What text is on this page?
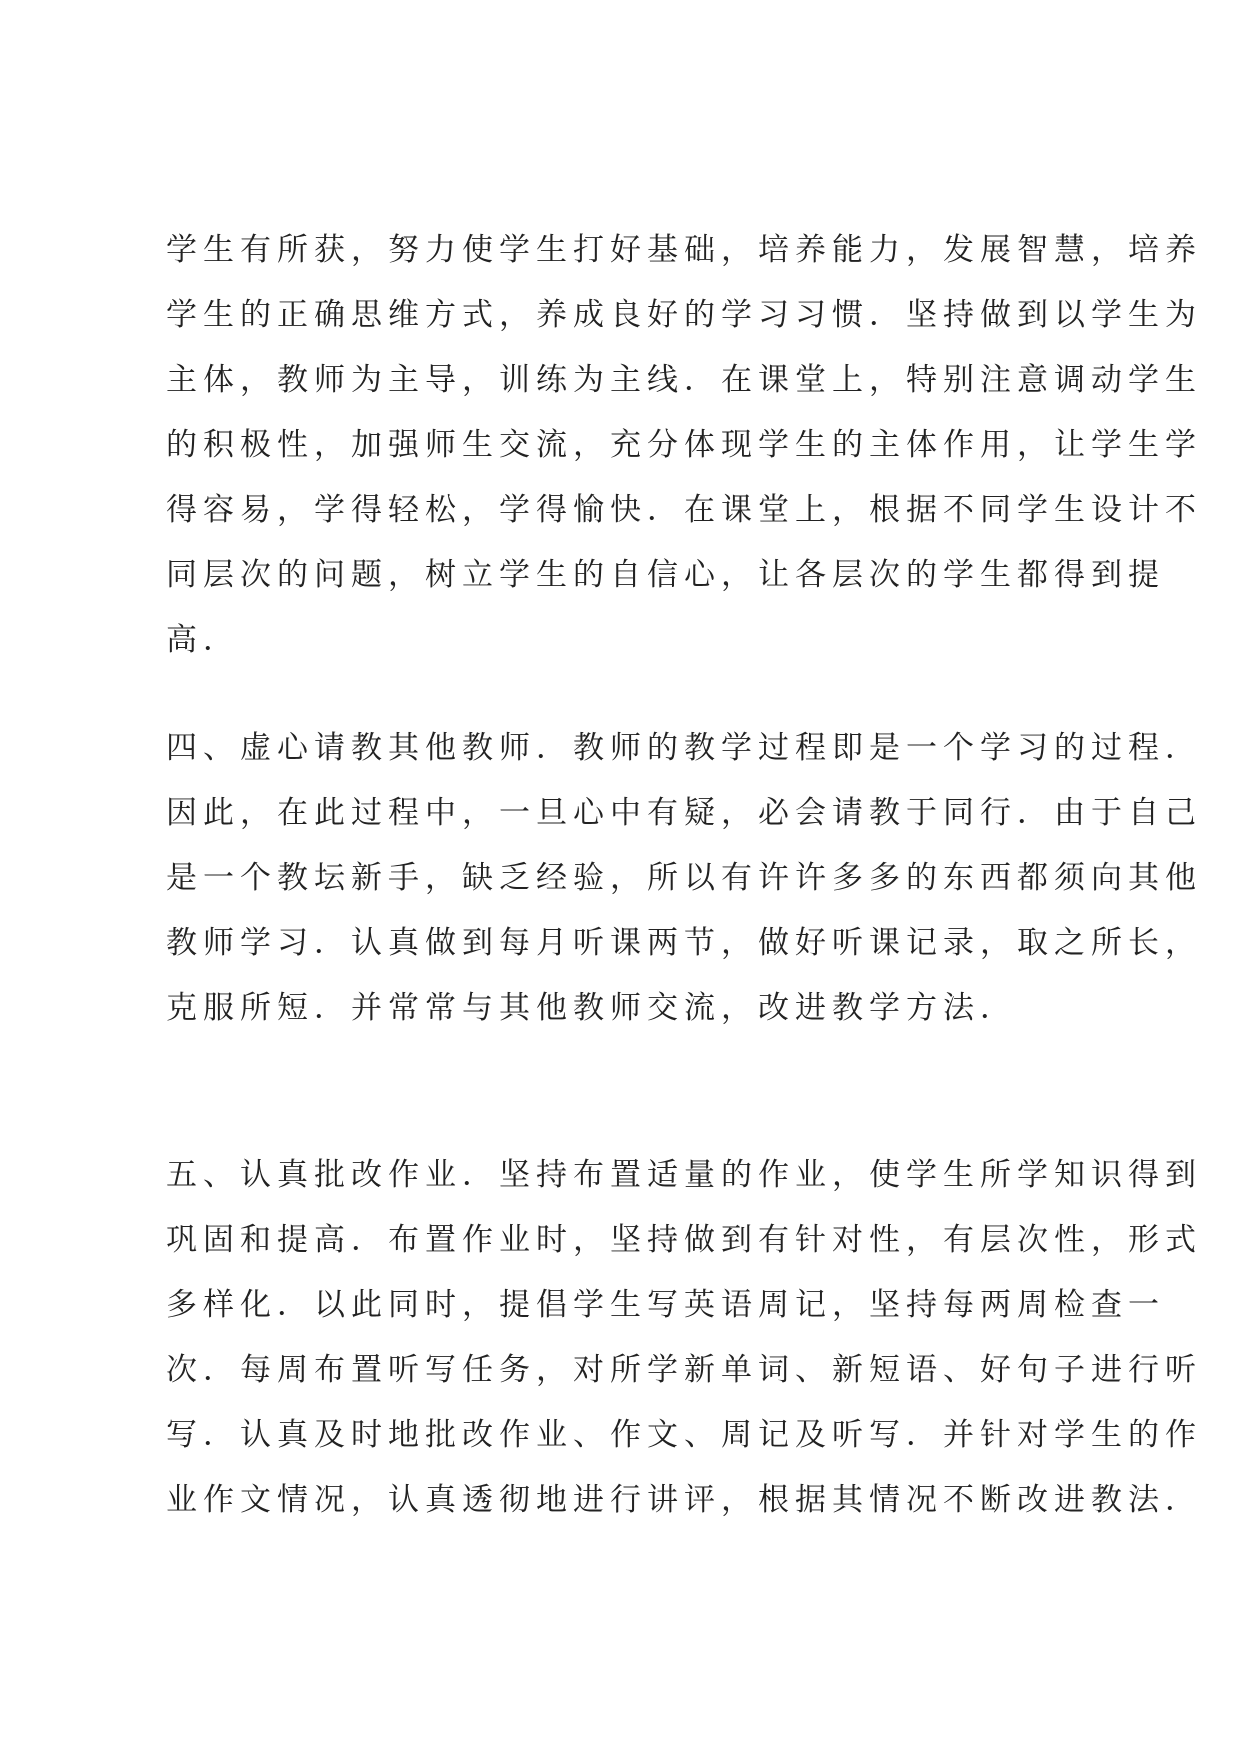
学生有所获，努力使学生打好基础，培养能力，发展智慧，培养
学生的正确思维方式，养成良好的学习习惯．坚持做到以学生为
主体，教师为主导，训练为主线．在课堂上，特别注意调动学生
的积极性，加强师生交流，充分体现学生的主体作用，让学生学
得容易，学得轻松，学得愉快．在课堂上，根据不同学生设计不
同层次的问题，树立学生的自信心，让各层次的学生都得到提
高．
四、虚心请教其他教师．教师的教学过程即是一个学习的过程．
因此，在此过程中，一旦心中有疑，必会请教于同行．由于自己
是一个教坛新手，缺乏经验，所以有许许多多的东西都须向其他
教师学习．认真做到每月听课两节，做好听课记录，取之所长，
克服所短．并常常与其他教师交流，改进教学方法．
五、认真批改作业．坚持布置适量的作业，使学生所学知识得到
巩固和提高．布置作业时，坚持做到有针对性，有层次性，形式
多样化．以此同时，提倡学生写英语周记，坚持每两周检查一
次．每周布置听写任务，对所学新单词、新短语、好句子进行听
写．认真及时地批改作业、作文、周记及听写．并针对学生的作
业作文情况，认真透彻地进行讲评，根据其情况不断改进教法．
